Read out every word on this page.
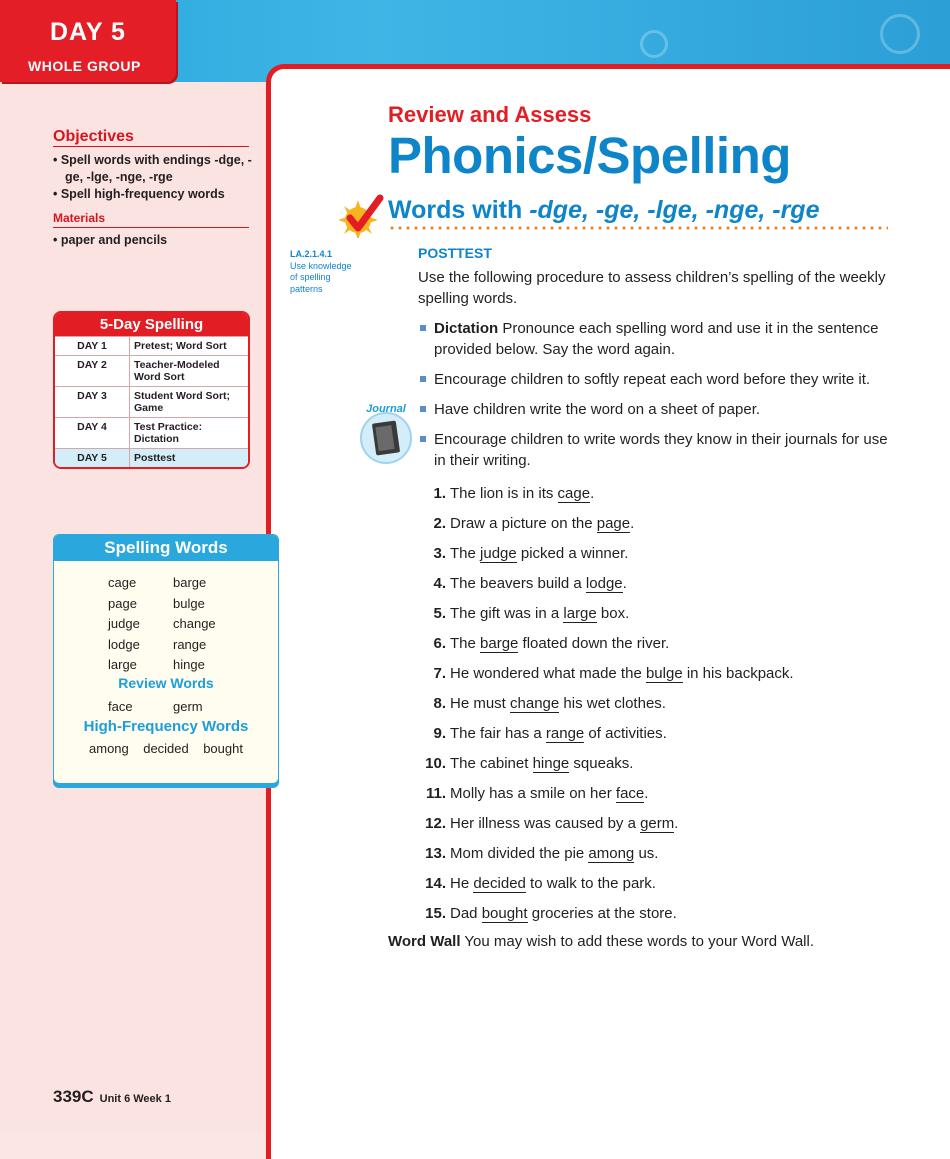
DAY 5
WHOLE GROUP
Objectives
• Spell words with endings -dge, -ge, -lge, -nge, -rge
• Spell high-frequency words
Materials
• paper and pencils
5-Day Spelling
DAY 1	Pretest; Word Sort
DAY 2	Teacher-Modeled Word Sort
DAY 3	Student Word Sort; Game
DAY 4	Test Practice: Dictation
DAY 5	Posttest
Spelling Words
cage	barge
page	bulge
judge	change
lodge	range
large	hinge
Review Words
face	germ
High-Frequency Words
among    decided    bought
Review and Assess
Phonics/Spelling
Words with -dge, -ge, -lge, -nge, -rge
LA.2.1.4.1
Use knowledge of spelling patterns
POSTTEST
Use the following procedure to assess children’s spelling of the weekly spelling words.
Dictation Pronounce each spelling word and use it in the sentence provided below. Say the word again.
Encourage children to softly repeat each word before they write it.
Have children write the word on a sheet of paper.
Encourage children to write words they know in their journals for use in their writing.
Journal
1. The lion is in its cage.
2. Draw a picture on the page.
3. The judge picked a winner.
4. The beavers build a lodge.
5. The gift was in a large box.
6. The barge floated down the river.
7. He wondered what made the bulge in his backpack.
8. He must change his wet clothes.
9. The fair has a range of activities.
10. The cabinet hinge squeaks.
11. Molly has a smile on her face.
12. Her illness was caused by a germ.
13. Mom divided the pie among us.
14. He decided to walk to the park.
15. Dad bought groceries at the store.
Word Wall You may wish to add these words to your Word Wall.
339C Unit 6 Week 1
